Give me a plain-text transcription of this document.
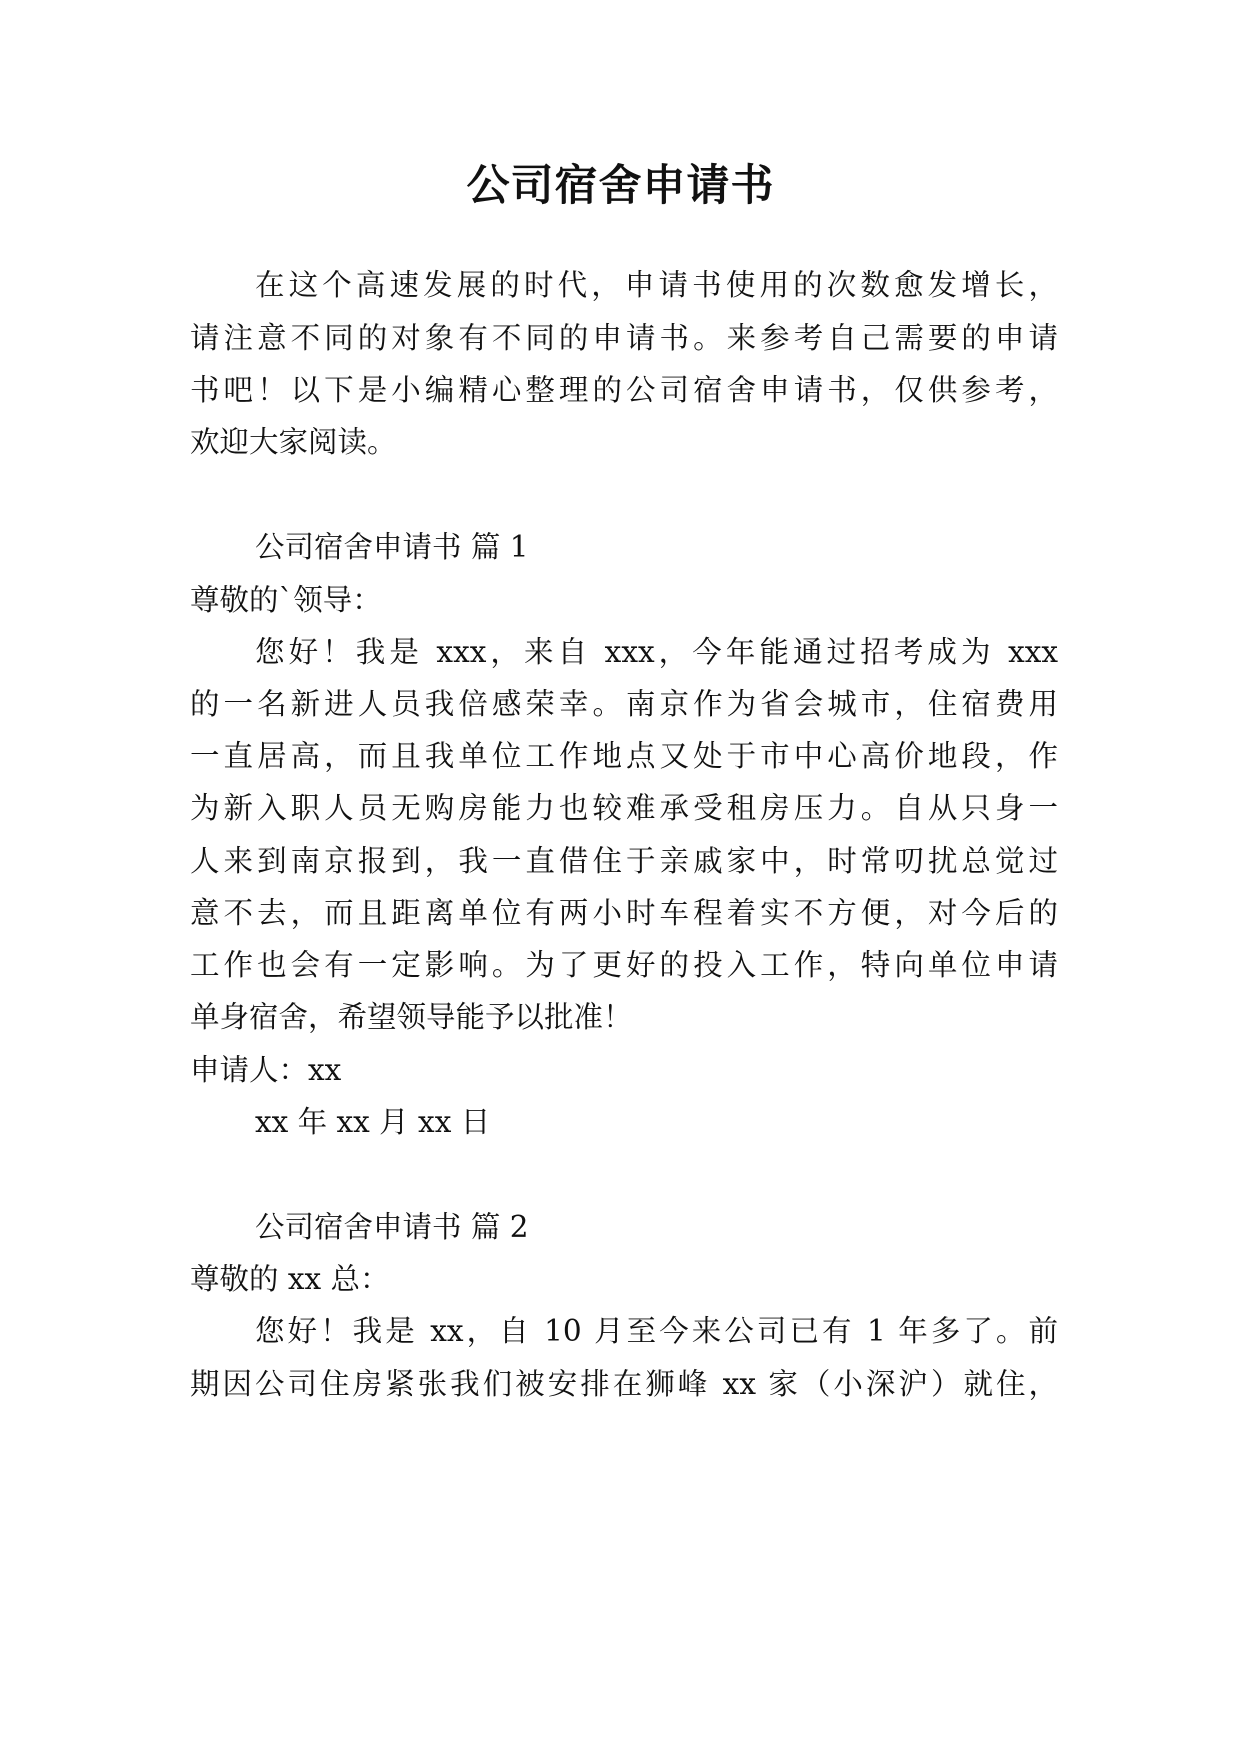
公司宿舍申请书

在这个高速发展的时代，申请书使用的次数愈发增长，

请注意不同的对象有不同的申请书。来参考自己需要的申请

书吧！以下是小编精心整理的公司宿舍申请书，仅供参考，

欢迎大家阅读。

公司宿舍申请书 篇 1

尊敬的`领导：

您好！我是 xxx，来自 xxx，今年能通过招考成为 xxx

的一名新进人员我倍感荣幸。南京作为省会城市，住宿费用

一直居高，而且我单位工作地点又处于市中心高价地段，作

为新入职人员无购房能力也较难承受租房压力。自从只身一

人来到南京报到，我一直借住于亲戚家中，时常叨扰总觉过

意不去，而且距离单位有两小时车程着实不方便，对今后的

工作也会有一定影响。为了更好的投入工作，特向单位申请

单身宿舍，希望领导能予以批准！

申请人：xx

xx 年 xx 月 xx 日

公司宿舍申请书 篇 2

尊敬的 xx 总：

您好！我是 xx，自 10 月至今来公司已有 1 年多了。前

期因公司住房紧张我们被安排在狮峰 xx 家（小深沪）就住，
